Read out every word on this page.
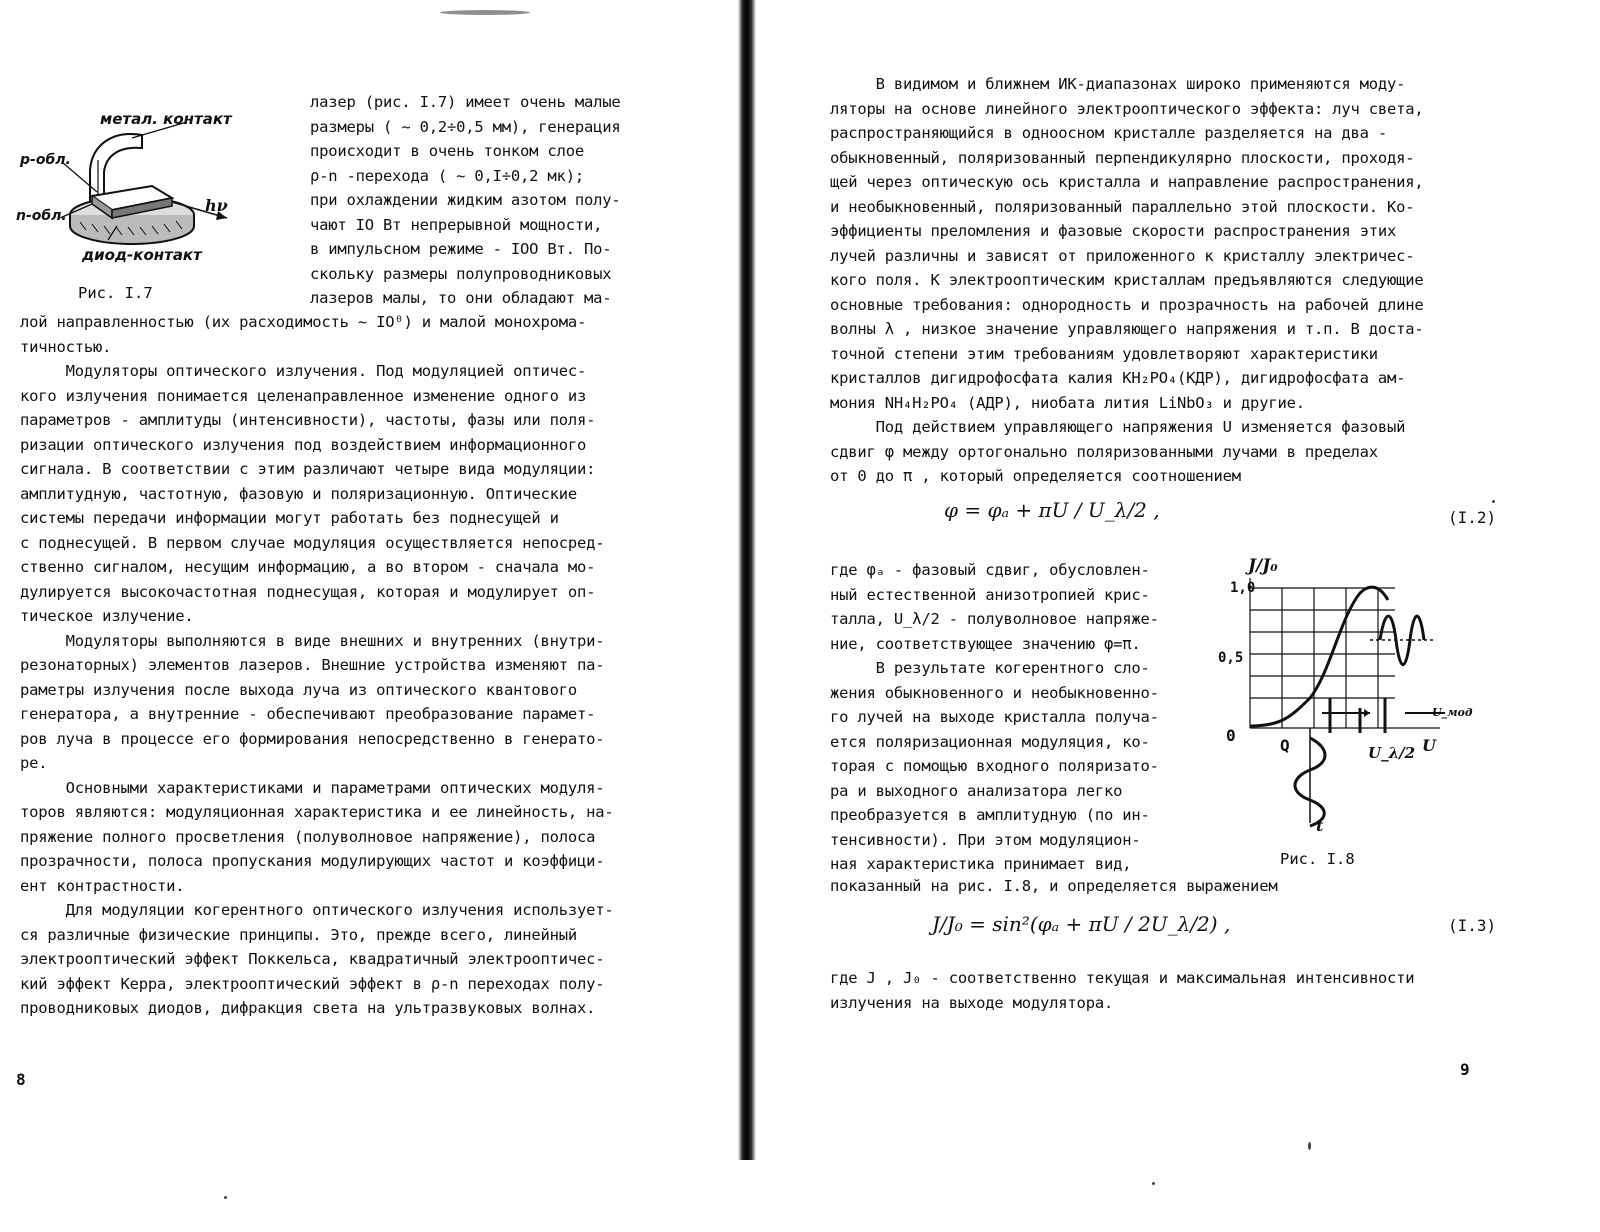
метал. контакт
p-обл.
n-обл.
hν
диод-контакт
Рис. I.7
лазер (рис. I.7) имеет очень малые
размеры ( ~ 0,2÷0,5 мм), генерация
происходит в очень тонком слое
ρ-n -перехода ( ~ 0,I÷0,2 мк);
при охлаждении жидким азотом полу-
чают IО Вт непрерывной мощности,
в импульсном режиме - IОО Вт. По-
скольку размеры полупроводниковых
лазеров малы, то они обладают ма-
лой направленностью (их расходимость ~ IO⁰) и малой монохрома-
тичностью.
Модуляторы оптического излучения. Под модуляцией оптичес-
кого излучения понимается целенаправленное изменение одного из
параметров - амплитуды (интенсивности), частоты, фазы или поля-
ризации оптического излучения под воздействием информационного
сигнала. В соответствии с этим различают четыре вида модуляции:
амплитудную, частотную, фазовую и поляризационную. Оптические
системы передачи информации могут работать без поднесущей и
с поднесущей. В первом случае модуляция осуществляется непосред-
ственно сигналом, несущим информацию, а во втором - сначала мо-
дулируется высокочастотная поднесущая, которая и модулирует оп-
тическое излучение.
Модуляторы выполняются в виде внешних и внутренних (внутри-
резонаторных) элементов лазеров. Внешние устройства изменяют па-
раметры излучения после выхода луча из оптического квантового
генератора, а внутренние - обеспечивают преобразование парамет-
ров луча в процессе его формирования непосредственно в генерато-
ре.
Основными характеристиками и параметрами оптических модуля-
торов являются: модуляционная характеристика и ее линейность, на-
пряжение полного просветления (полуволновое напряжение), полоса
прозрачности, полоса пропускания модулирующих частот и коэффици-
ент контрастности.
Для модуляции когерентного оптического излучения использует-
ся различные физические принципы. Это, прежде всего, линейный
электрооптический эффект Поккельса, квадратичный электрооптичес-
кий эффект Керра, электрооптический эффект в ρ-n переходах полу-
проводниковых диодов, дифракция света на ультразвуковых волнах.
8
В видимом и ближнем ИК-диапазонах широко применяются моду-
ляторы на основе линейного электрооптического эффекта: луч света,
распространяющийся в одноосном кристалле разделяется на два -
обыкновенный, поляризованный перпендикулярно плоскости, проходя-
щей через оптическую ось кристалла и направление распространения,
и необыкновенный, поляризованный параллельно этой плоскости. Ко-
эффициенты преломления и фазовые скорости распространения этих
лучей различны и зависят от приложенного к кристаллу электричес-
кого поля. К электрооптическим кристаллам предъявляются следующие
основные требования: однородность и прозрачность на рабочей длине
волны λ , низкое значение управляющего напряжения и т.п. В доста-
точной степени этим требованиям удовлетворяют характеристики
кристаллов дигидрофосфата калия KH₂PO₄(КДР), дигидрофосфата ам-
мония NH₄H₂PO₄ (АДР), ниобата лития LiNbO₃ и другие.
Под действием управляющего напряжения U изменяется фазовый
сдвиг φ между ортогонально поляризованными лучами в пределах
от 0 до π , который определяется соотношением
φ = φₐ + πU / U_λ/2 ,	(I.2)
где φₐ - фазовый сдвиг, обусловлен-
ный естественной анизотропией крис-
талла, U_λ/2 - полуволновое напряже-
ние, соответствующее значению φ=π.
В результате когерентного сло-
жения обыкновенного и необыкновенно-
го лучей на выходе кристалла получа-
ется поляризационная модуляция, ко-
торая с помощью входного поляризато-
ра и выходного анализатора легко
преобразуется в амплитудную (по ин-
тенсивности). При этом модуляцион-
ная характеристика принимает вид,
J/J₀
1,0
0,5
0
Q	U_λ/2 U
U_мод
t
Рис. I.8
показанный на рис. I.8, и определяется выражением
J/J₀ = sin²(φₐ + πU / 2U_λ/2) ,	(I.3)
где J , J₀ - соответственно текущая и максимальная интенсивности
излучения на выходе модулятора.
9
